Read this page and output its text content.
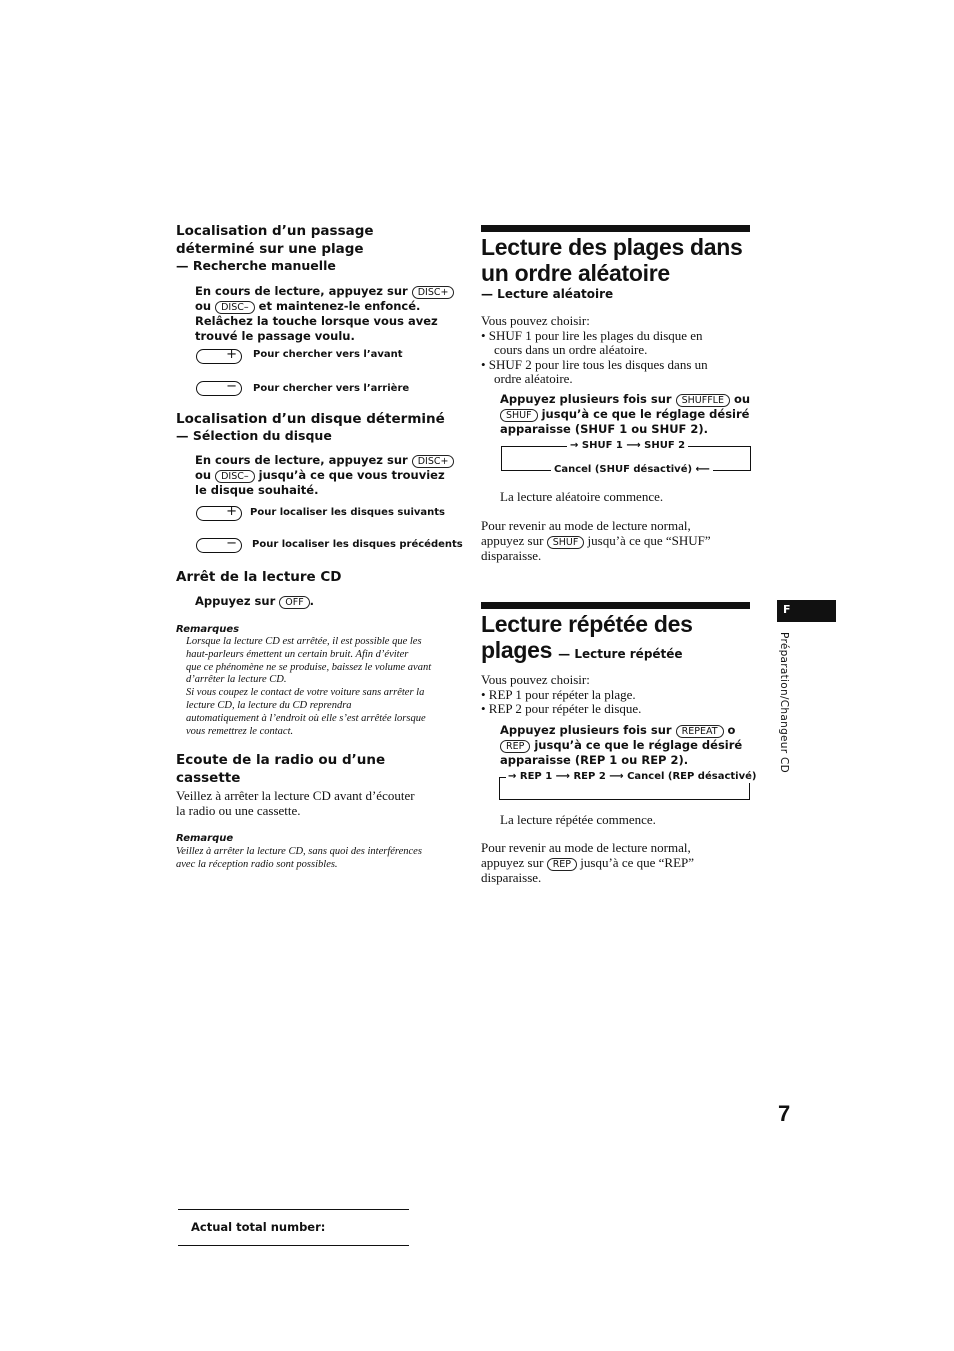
Localisation d’un passage
déterminé sur une plage
— Recherche manuelle
En cours de lecture, appuyez sur DISC+
ou DISC– et maintenez-le enfoncé.
Relâchez la touche lorsque vous avez
trouvé le passage voulu.
+ Pour chercher vers l’avant
− Pour chercher vers l’arrière
Localisation d’un disque déterminé
— Sélection du disque
En cours de lecture, appuyez sur DISC+
ou DISC– jusqu’à ce que vous trouviez
le disque souhaité.
+ Pour localiser les disques suivants
− Pour localiser les disques précédents
Arrêt de la lecture CD
Appuyez sur OFF .
Remarques
Lorsque la lecture CD est arrêtée, il est possible que les
haut-parleurs émettent un certain bruit. Afin d’éviter
que ce phénomène ne se produise, baissez le volume avant
d’arrêter la lecture CD.
Si vous coupez le contact de votre voiture sans arrêter la
lecture CD, la lecture du CD reprendra
automatiquement à l’endroit où elle s’est arrêtée lorsque
vous remettrez le contact.
Ecoute de la radio ou d’une
cassette
Veillez à arrêter la lecture CD avant d’écouter
la radio ou une cassette.
Remarque
Veillez à arrêter la lecture CD, sans quoi des interférences
avec la réception radio sont possibles.
Actual total number:
Lecture des plages dans
un ordre aléatoire
— Lecture aléatoire
Vous pouvez choisir:
• SHUF 1 pour lire les plages du disque en
cours dans un ordre aléatoire.
• SHUF 2 pour lire tous les disques dans un
ordre aléatoire.
Appuyez plusieurs fois sur SHUFFLE ou
SHUF jusqu’à ce que le réglage désiré
apparaisse (SHUF 1 ou SHUF 2).
→ SHUF 1 ⟶ SHUF 2
Cancel (SHUF désactivé) ⟵
La lecture aléatoire commence.
Pour revenir au mode de lecture normal,
appuyez sur SHUF jusqu’à ce que “SHUF”
disparaisse.
Lecture répétée des
plages — Lecture répétée
Vous pouvez choisir:
• REP 1 pour répéter la plage.
• REP 2 pour répéter le disque.
Appuyez plusieurs fois sur REPEAT o
REP jusqu’à ce que le réglage désiré
apparaisse (REP 1 ou REP 2).
→ REP 1 ⟶ REP 2 ⟶ Cancel (REP désactivé)
La lecture répétée commence.
Pour revenir au mode de lecture normal,
appuyez sur REP jusqu’à ce que “REP”
disparaisse.
F
Préparation/Changeur CD
7
